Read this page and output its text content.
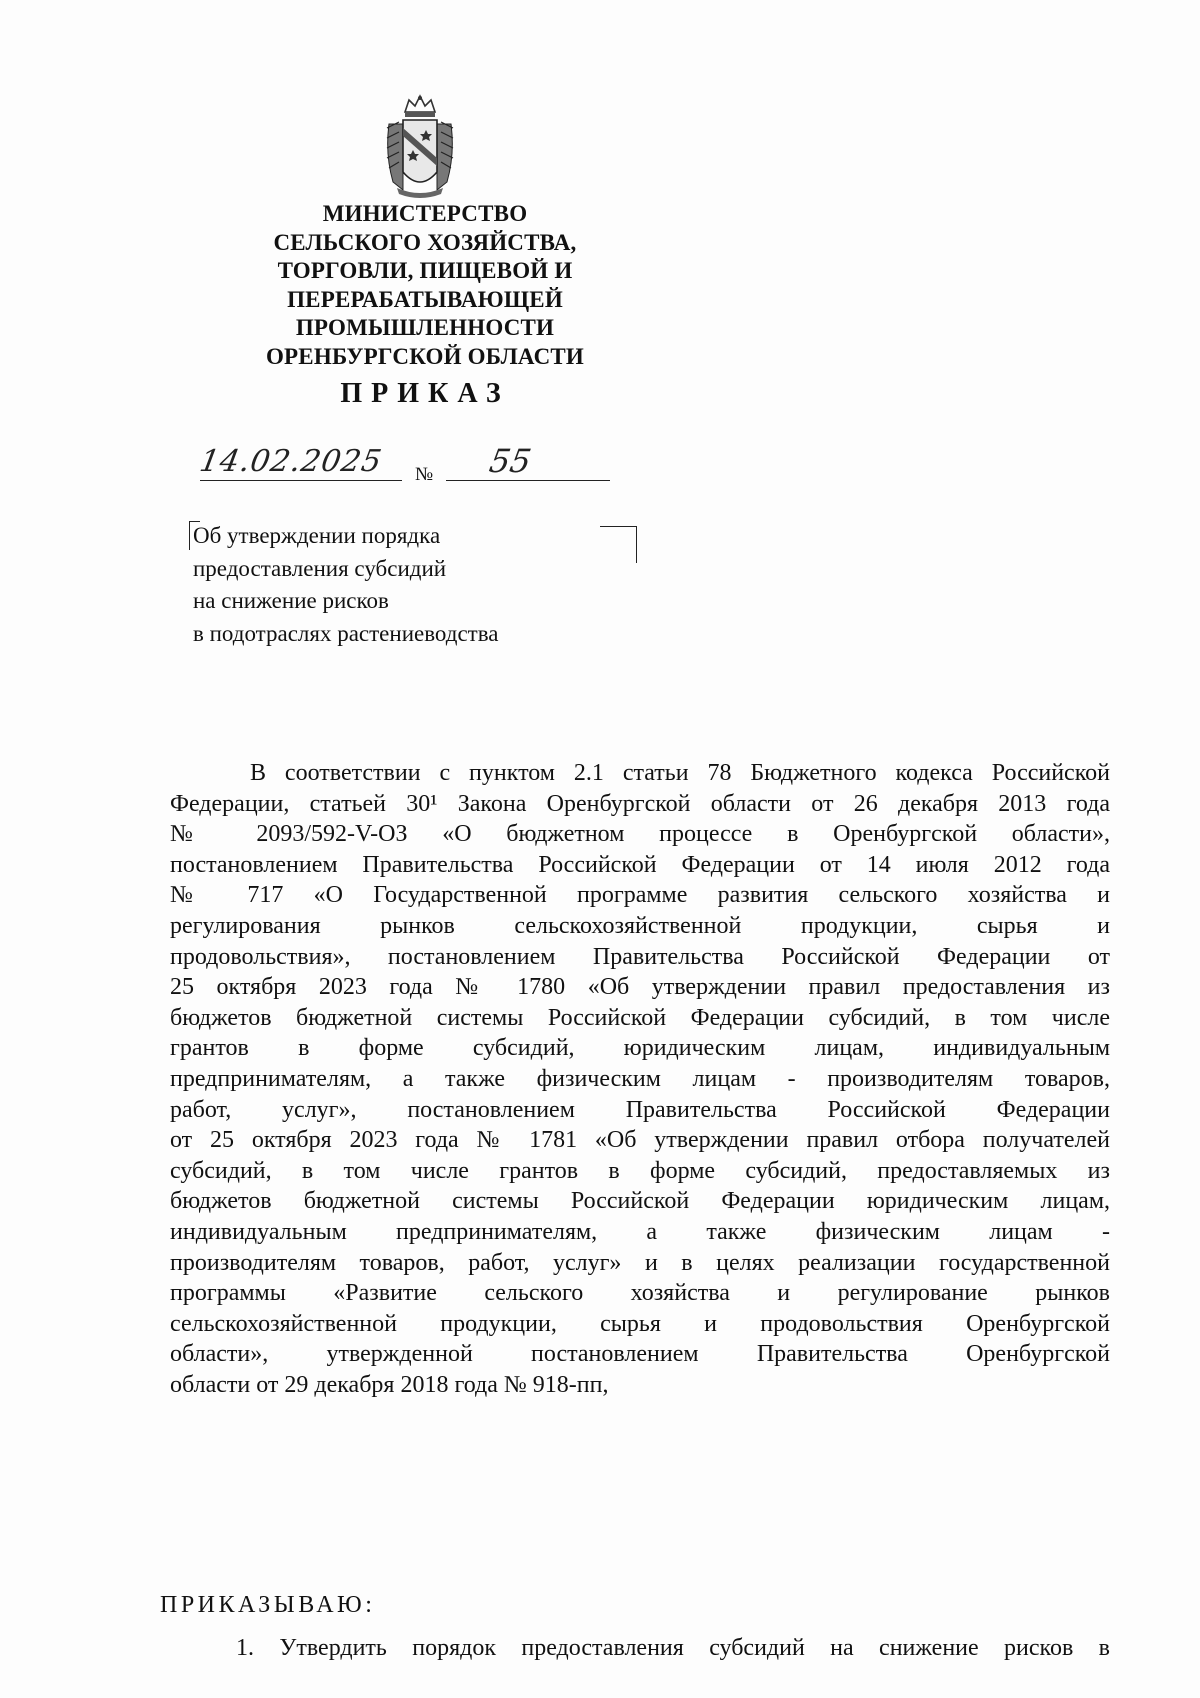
МИНИСТЕРСТВО
СЕЛЬСКОГО ХОЗЯЙСТВА,
ТОРГОВЛИ, ПИЩЕВОЙ И
ПЕРЕРАБАТЫВАЮЩЕЙ
ПРОМЫШЛЕННОСТИ
ОРЕНБУРГСКОЙ ОБЛАСТИ
ПРИКАЗ
14.02.2025 № 55
Об утверждении порядка
предоставления субсидий
на снижение рисков
в подотраслях растениеводства
В соответствии с пунктом 2.1 статьи 78 Бюджетного кодекса Российской
Федерации, статьей 30¹ Закона Оренбургской области от 26 декабря 2013 года
№ 2093/592-V-ОЗ «О бюджетном процессе в Оренбургской области»,
постановлением Правительства Российской Федерации от 14 июля 2012 года
№ 717 «О Государственной программе развития сельского хозяйства и
регулирования рынков сельскохозяйственной продукции, сырья и
продовольствия», постановлением Правительства Российской Федерации от
25 октября 2023 года № 1780 «Об утверждении правил предоставления из
бюджетов бюджетной системы Российской Федерации субсидий, в том числе
грантов в форме субсидий, юридическим лицам, индивидуальным
предпринимателям, а также физическим лицам - производителям товаров,
работ, услуг», постановлением Правительства Российской Федерации
от 25 октября 2023 года № 1781 «Об утверждении правил отбора получателей
субсидий, в том числе грантов в форме субсидий, предоставляемых из
бюджетов бюджетной системы Российской Федерации юридическим лицам,
индивидуальным предпринимателям, а также физическим лицам -
производителям товаров, работ, услуг» и в целях реализации государственной
программы «Развитие сельского хозяйства и регулирование рынков
сельскохозяйственной продукции, сырья и продовольствия Оренбургской
области», утвержденной постановлением Правительства Оренбургской
области от 29 декабря 2018 года № 918-пп,
ПРИКАЗЫВАЮ:
1. Утвердить порядок предоставления субсидий на снижение рисков в
